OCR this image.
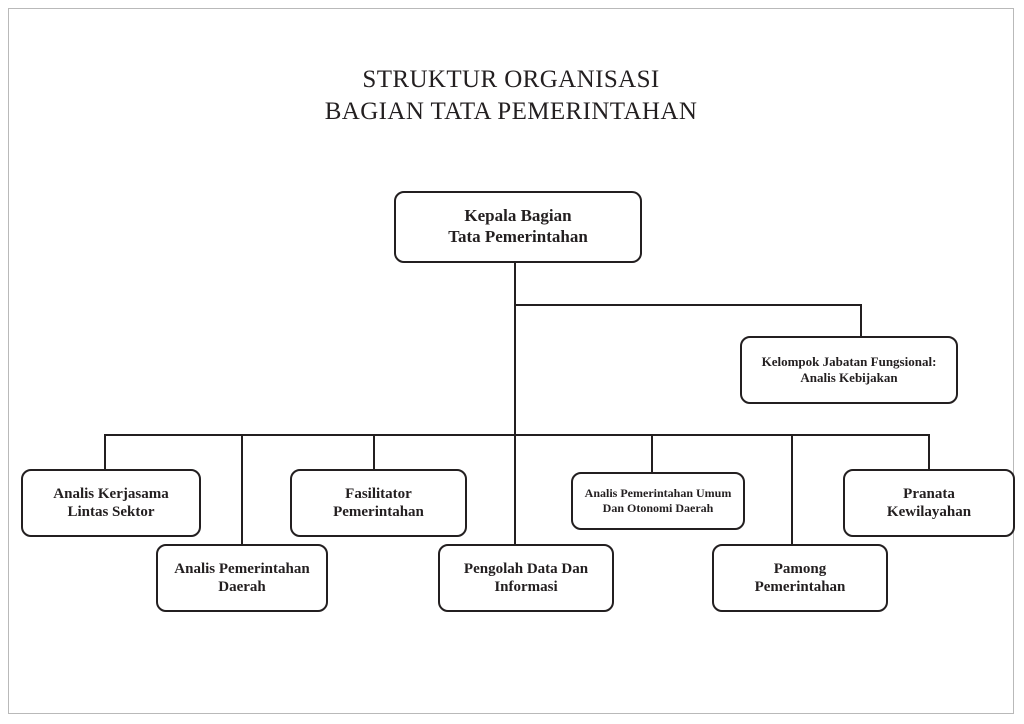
STRUKTUR ORGANISASI
BAGIAN TATA PEMERINTAHAN
Kepala Bagian
Tata Pemerintahan
Kelompok Jabatan Fungsional:
Analis Kebijakan
Analis Kerjasama
Lintas Sektor
Analis Pemerintahan
Daerah
Fasilitator
Pemerintahan
Pengolah Data Dan
Informasi
Analis Pemerintahan Umum
Dan Otonomi Daerah
Pamong
Pemerintahan
Pranata
Kewilayahan
